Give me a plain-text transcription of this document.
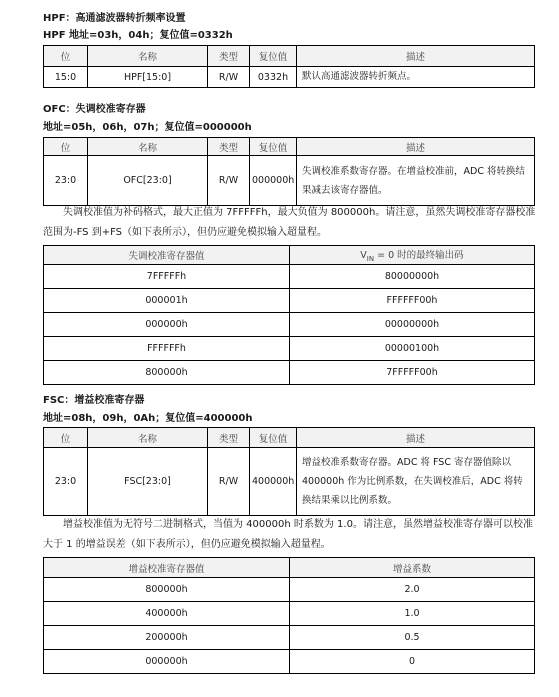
HPF：高通滤波器转折频率设置
HPF 地址=03h，04h；复位值=0332h
位	名称	类型	复位值	描述
15:0	HPF[15:0]	R/W	0332h	默认高通滤波器转折频点。
OFC：失调校准寄存器
地址=05h，06h，07h；复位值=000000h
位	名称	类型	复位值	描述
23:0	OFC[23:0]	R/W	000000h	失调校准系数寄存器。在增益校准前，ADC 将转换结果减去该寄存器值。
失调校准值为补码格式，最大正值为 7FFFFFh，最大负值为 800000h。请注意，虽然失调校准寄存器校准范围为-FS 到+FS（如下表所示），但仍应避免模拟输入超量程。
失调校准寄存器值	$V_{IN} = 0$ 时的最终输出码
7FFFFFh	80000000h
000001h	FFFFFF00h
000000h	00000000h
FFFFFFh	00000100h
800000h	7FFFFF00h
FSC：增益校准寄存器
地址=08h，09h，0Ah；复位值=400000h
位	名称	类型	复位值	描述
23:0	FSC[23:0]	R/W	400000h	增益校准系数寄存器。ADC 将 FSC 寄存器值除以 400000h 作为比例系数，在失调校准后，ADC 将转换结果乘以比例系数。
增益校准值为无符号二进制格式，当值为 400000h 时系数为 1.0。请注意，虽然增益校准寄存器可以校准大于 1 的增益误差（如下表所示），但仍应避免模拟输入超量程。
增益校准寄存器值	增益系数
800000h	2.0
400000h	1.0
200000h	0.5
000000h	0
